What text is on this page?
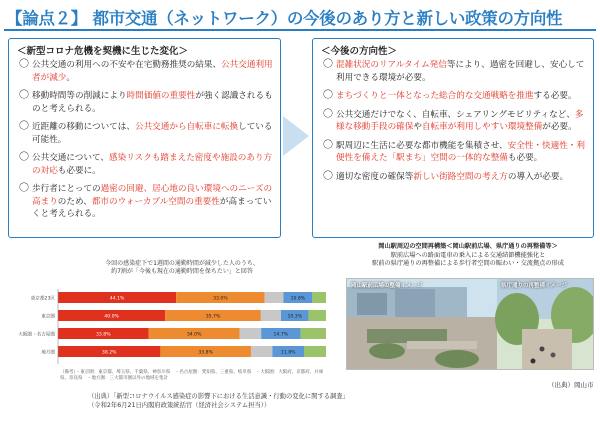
【論点２】 都市交通（ネットワーク）の今後のあり方と新しい政策の方向性
＜新型コロナ危機を契機に生じた変化＞
〇 公共交通の利用への不安や在宅勤務推奨の結果、公共交通利用者が減少。
〇 移動時間等の削減により時間価値の重要性が強く認識されるものと考えられる。
〇 近距離の移動については、公共交通から自転車に転換している可能性。
〇 公共交通について、感染リスクも踏まえた密度や施設のあり方の対応も必要に。
〇 歩行者にとっての過密の回避、居心地の良い環境へのニーズの高まりのため、都市のウォーカブル空間の重要性が高まっていくと考えられる。
＜今後の方向性＞
〇 混雑状況のリアルタイム発信等により、過密を回避し、安心して利用できる環境が必要。
〇 まちづくりと一体となった総合的な交通戦略を推進する必要。
〇 公共交通だけでなく、自転車、シェアリングモビリティなど、多様な移動手段の確保や自転車が利用しやすい環境整備が必要。
〇 駅周辺に生活に必要な都市機能を集積させ、安全性・快適性・利便性を備えた「駅まち」空間の一体的な整備も必要。
〇 適切な密度の確保等新しい街路空間の考え方の導入が必要。
今回の感染症下で1週間の通勤時間が減少した人のうち、
約7割が「今後も現在の通勤時間を保ちたい」と回答
東京都23区	44.1%	33.0%	10.8%
東京圏	40.0%	35.7%	10.3%
大阪圏・名古屋圏	33.8%	34.0%	14.7%
地方圏	38.2%	33.8%	11.8%
（備考）・東京圏：東京都、埼玉県、千葉県、神奈川県　・名古屋圏：愛知県、三重県、岐阜県　・大阪圏：大阪府、京都府、兵庫県、奈良県　・地方圏：三大都市圏以外の地域を集計
（出典）「新型コロナウイルス感染症の影響下における生活意識・行動の変化に関する調査」
（令和2年6月21日内閣府政策統括官（経済社会システム担当））
岡山駅周辺の空間再構築＜岡山駅前広場、県庁通りの再整備等＞
駅前広場への路面電車の乗入による交通結節機能強化と
駅前の県庁通りの再整備による歩行者空間の賑わい・交流拠点の形成
岡山駅前広場の整備イメージ	県庁通りの再整備イメージ
（出典）岡山市
